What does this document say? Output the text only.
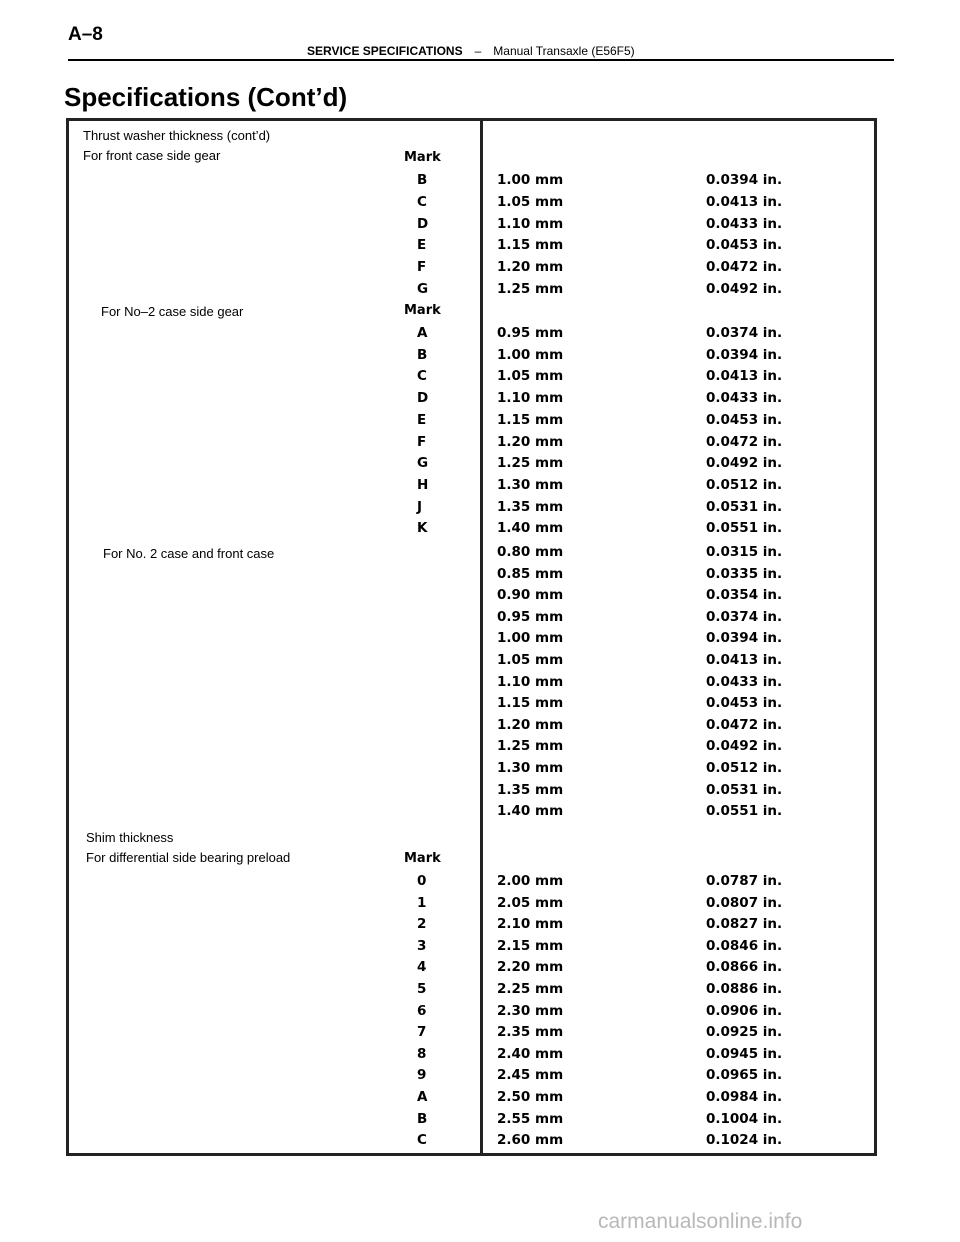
A–8
SERVICE SPECIFICATIONS – Manual Transaxle (E56F5)
Specifications (Cont’d)
Thrust washer thickness (cont’d)
For front case side gear	Mark
B	1.00 mm	0.0394 in.
C	1.05 mm	0.0413 in.
D	1.10 mm	0.0433 in.
E	1.15 mm	0.0453 in.
F	1.20 mm	0.0472 in.
G	1.25 mm	0.0492 in.
For No–2 case side gear	Mark
A	0.95 mm	0.0374 in.
B	1.00 mm	0.0394 in.
C	1.05 mm	0.0413 in.
D	1.10 mm	0.0433 in.
E	1.15 mm	0.0453 in.
F	1.20 mm	0.0472 in.
G	1.25 mm	0.0492 in.
H	1.30 mm	0.0512 in.
J	1.35 mm	0.0531 in.
K	1.40 mm	0.0551 in.
For No. 2 case and front case	0.80 mm	0.0315 in.
0.85 mm	0.0335 in.
0.90 mm	0.0354 in.
0.95 mm	0.0374 in.
1.00 mm	0.0394 in.
1.05 mm	0.0413 in.
1.10 mm	0.0433 in.
1.15 mm	0.0453 in.
1.20 mm	0.0472 in.
1.25 mm	0.0492 in.
1.30 mm	0.0512 in.
1.35 mm	0.0531 in.
1.40 mm	0.0551 in.
Shim thickness
For differential side bearing preload	Mark
0	2.00 mm	0.0787 in.
1	2.05 mm	0.0807 in.
2	2.10 mm	0.0827 in.
3	2.15 mm	0.0846 in.
4	2.20 mm	0.0866 in.
5	2.25 mm	0.0886 in.
6	2.30 mm	0.0906 in.
7	2.35 mm	0.0925 in.
8	2.40 mm	0.0945 in.
9	2.45 mm	0.0965 in.
A	2.50 mm	0.0984 in.
B	2.55 mm	0.1004 in.
C	2.60 mm	0.1024 in.
carmanualsonline.info
